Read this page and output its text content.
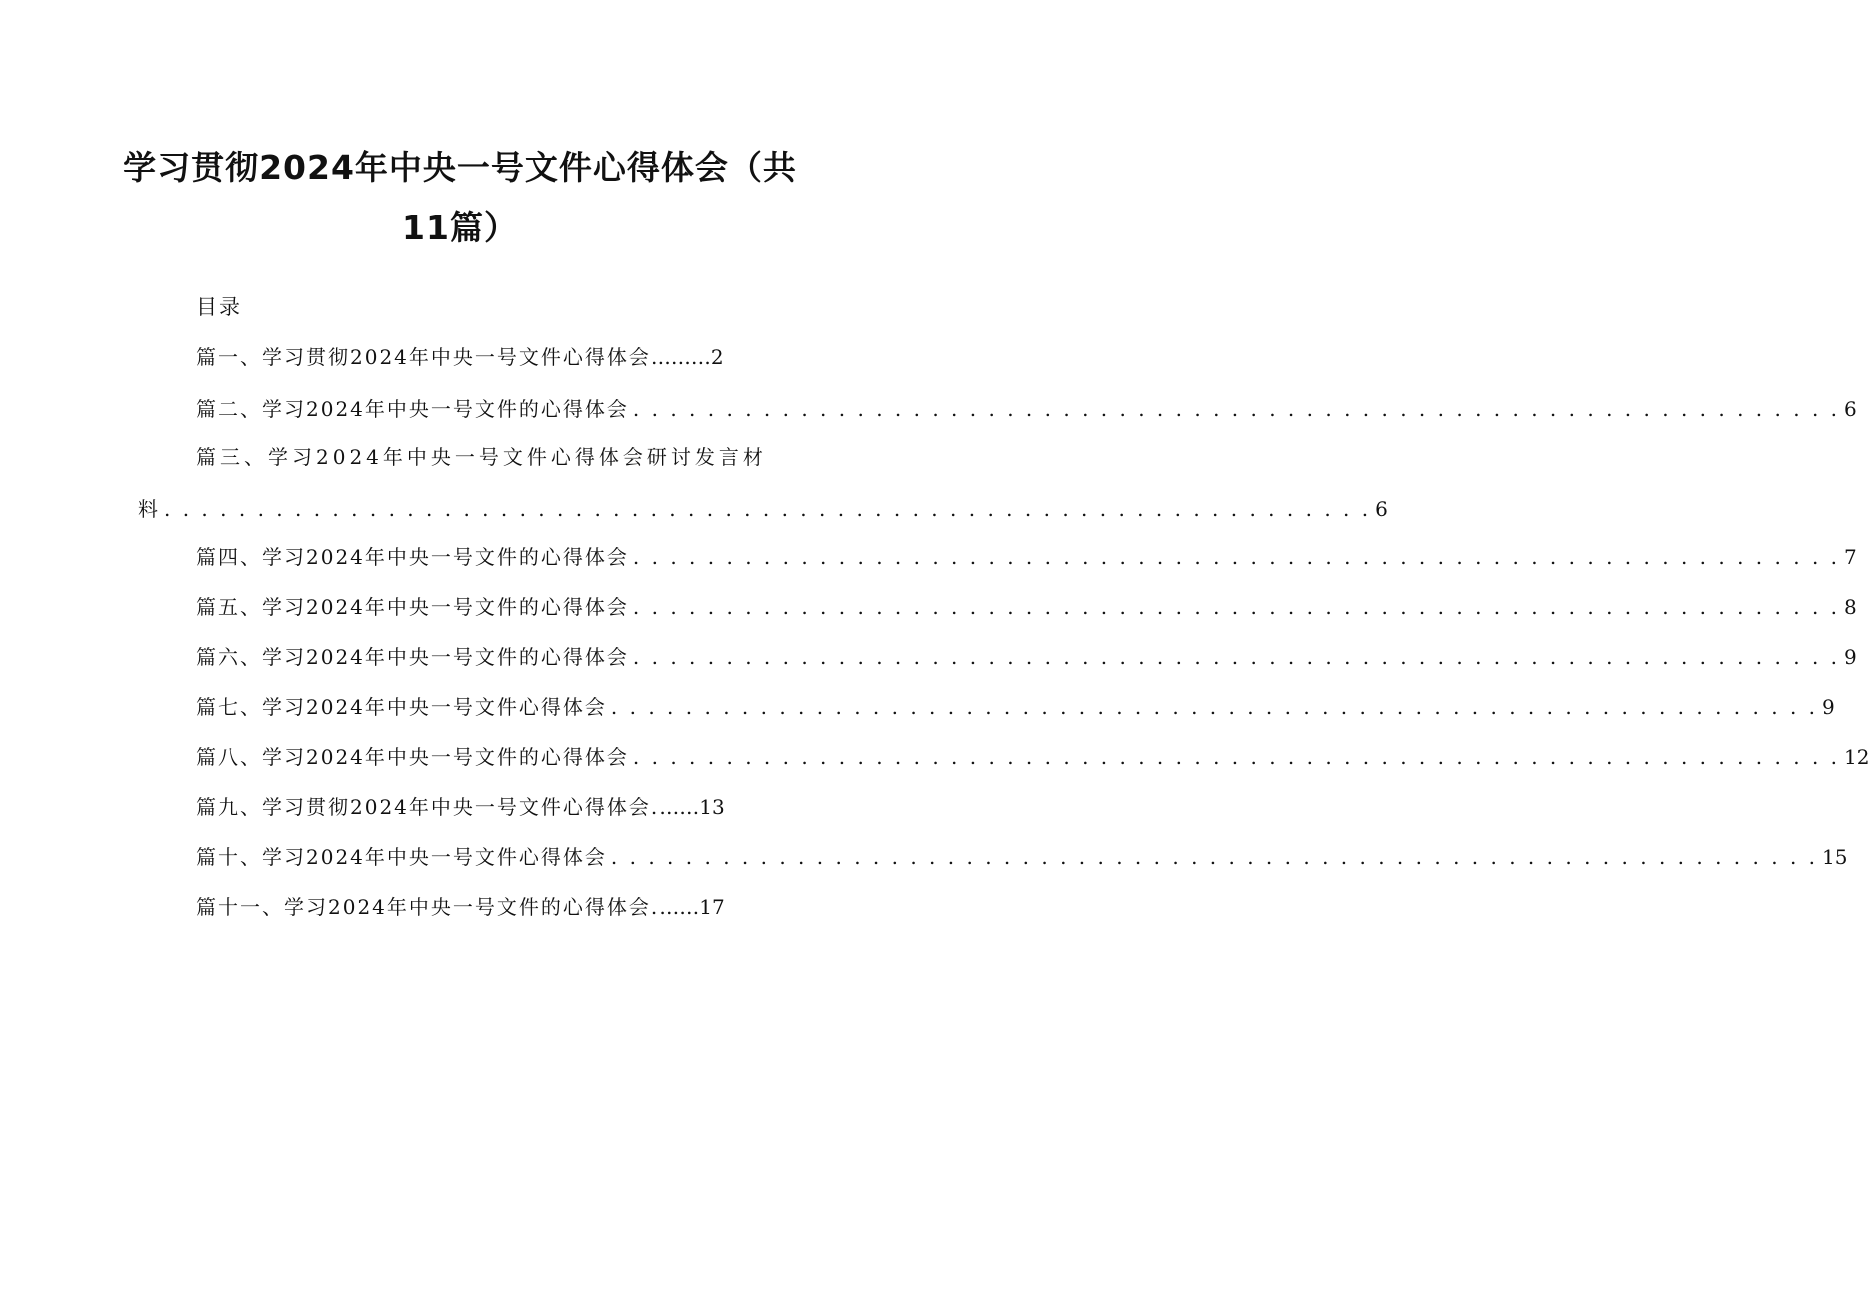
学习贯彻2024年中央一号文件心得体会（共
11篇）
目录
篇一、学习贯彻2024年中央一号文件心得体会 ……… 2
篇二、学习2024年中央一号文件的心得体会 . . . . . . . . . . . . . . . . . . . . . . . . . . . . . . . . . . . . . . . . . . . . . . . . . . . . . . . . . . . . . . . . . 6
篇三、学习2024年中央一号文件心得体会研讨发言材
料 . . . . . . . . . . . . . . . . . . . . . . . . . . . . . . . . . . . . . . . . . . . . . . . . . . . . . . . . . . . . . . . . . 6
篇四、学习2024年中央一号文件的心得体会 . . . . . . . . . . . . . . . . . . . . . . . . . . . . . . . . . . . . . . . . . . . . . . . . . . . . . . . . . . . . . . . . . 7
篇五、学习2024年中央一号文件的心得体会 . . . . . . . . . . . . . . . . . . . . . . . . . . . . . . . . . . . . . . . . . . . . . . . . . . . . . . . . . . . . . . . . . 8
篇六、学习2024年中央一号文件的心得体会 . . . . . . . . . . . . . . . . . . . . . . . . . . . . . . . . . . . . . . . . . . . . . . . . . . . . . . . . . . . . . . . . . 9
篇七、学习2024年中央一号文件心得体会 . . . . . . . . . . . . . . . . . . . . . . . . . . . . . . . . . . . . . . . . . . . . . . . . . . . . . . . . . . . . . . . . . 9
篇八、学习2024年中央一号文件的心得体会 . . . . . . . . . . . . . . . . . . . . . . . . . . . . . . . . . . . . . . . . . . . . . . . . . . . . . . . . . . . . . . . . . 12
篇九、学习贯彻2024年中央一号文件心得体会. …… 13
篇十、学习2024年中央一号文件心得体会 . . . . . . . . . . . . . . . . . . . . . . . . . . . . . . . . . . . . . . . . . . . . . . . . . . . . . . . . . . . . . . . . . 15
篇十一、学习2024年中央一号文件的心得体会. …… 17
